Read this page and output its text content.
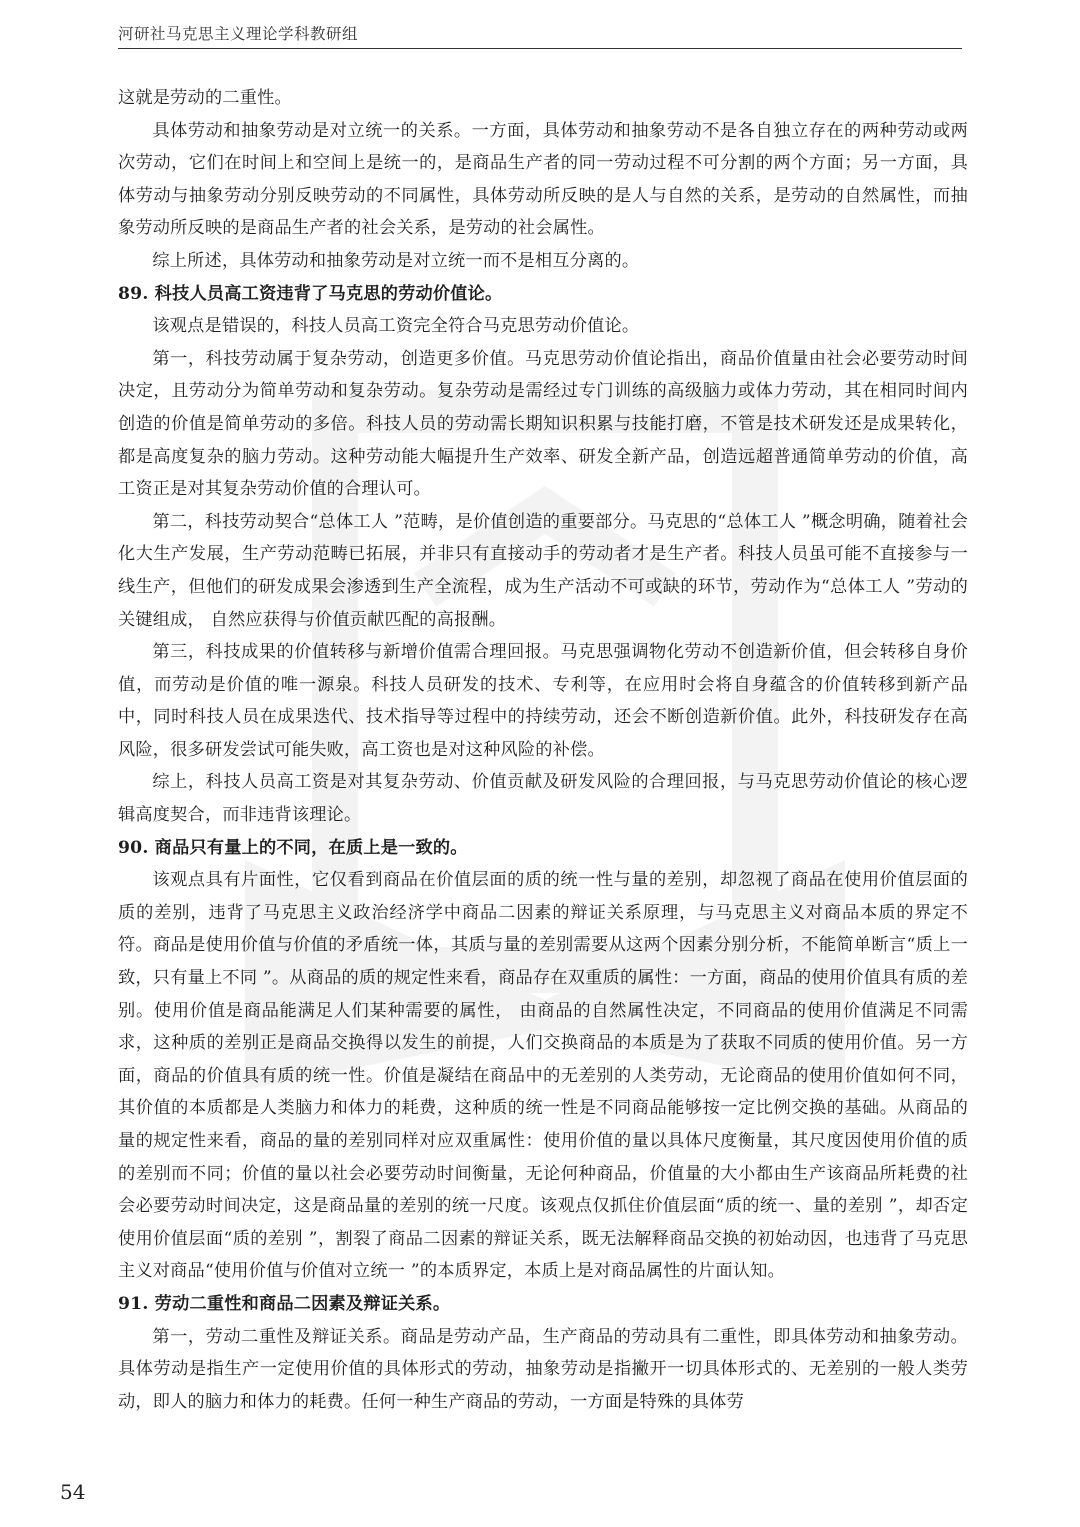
河研社马克思主义理论学科教研组

这就是劳动的二重性。

具体劳动和抽象劳动是对立统一的关系。一方面，具体劳动和抽象劳动不是各自独立存在的两种劳动或两次劳动，它们在时间上和空间上是统一的，是商品生产者的同一劳动过程不可分割的两个方面；另一方面，具体劳动与抽象劳动分别反映劳动的不同属性，具体劳动所反映的是人与自然的关系，是劳动的自然属性，而抽象劳动所反映的是商品生产者的社会关系，是劳动的社会属性。

综上所述，具体劳动和抽象劳动是对立统一而不是相互分离的。

89. 科技人员高工资违背了马克思的劳动价值论。

该观点是错误的，科技人员高工资完全符合马克思劳动价值论。

第一，科技劳动属于复杂劳动，创造更多价值。马克思劳动价值论指出，商品价值量由社会必要劳动时间决定，且劳动分为简单劳动和复杂劳动。复杂劳动是需经过专门训练的高级脑力或体力劳动，其在相同时间内创造的价值是简单劳动的多倍。科技人员的劳动需长期知识积累与技能打磨，不管是技术研发还是成果转化，都是高度复杂的脑力劳动。这种劳动能大幅提升生产效率、研发全新产品，创造远超普通简单劳动的价值，高工资正是对其复杂劳动价值的合理认可。

第二，科技劳动契合“总体工人 ”范畴，是价值创造的重要部分。马克思的“总体工人 ”概念明确，随着社会化大生产发展，生产劳动范畴已拓展，并非只有直接动手的劳动者才是生产者。科技人员虽可能不直接参与一线生产，但他们的研发成果会渗透到生产全流程，成为生产活动不可或缺的环节，劳动作为“总体工人 ”劳动的关键组成， 自然应获得与价值贡献匹配的高报酬。

第三，科技成果的价值转移与新增价值需合理回报。马克思强调物化劳动不创造新价值，但会转移自身价值，而劳动是价值的唯一源泉。科技人员研发的技术、专利等，在应用时会将自身蕴含的价值转移到新产品中，同时科技人员在成果迭代、技术指导等过程中的持续劳动，还会不断创造新价值。此外，科技研发存在高风险，很多研发尝试可能失败，高工资也是对这种风险的补偿。

综上，科技人员高工资是对其复杂劳动、价值贡献及研发风险的合理回报，与马克思劳动价值论的核心逻辑高度契合，而非违背该理论。

90. 商品只有量上的不同，在质上是一致的。

该观点具有片面性，它仅看到商品在价值层面的质的统一性与量的差别，却忽视了商品在使用价值层面的质的差别，违背了马克思主义政治经济学中商品二因素的辩证关系原理，与马克思主义对商品本质的界定不符。商品是使用价值与价值的矛盾统一体，其质与量的差别需要从这两个因素分别分析，不能简单断言“质上一致，只有量上不同 ”。从商品的质的规定性来看，商品存在双重质的属性：一方面，商品的使用价值具有质的差别。使用价值是商品能满足人们某种需要的属性， 由商品的自然属性决定，不同商品的使用价值满足不同需求，这种质的差别正是商品交换得以发生的前提，人们交换商品的本质是为了获取不同质的使用价值。另一方面，商品的价值具有质的统一性。价值是凝结在商品中的无差别的人类劳动，无论商品的使用价值如何不同，其价值的本质都是人类脑力和体力的耗费，这种质的统一性是不同商品能够按一定比例交换的基础。从商品的量的规定性来看，商品的量的差别同样对应双重属性：使用价值的量以具体尺度衡量，其尺度因使用价值的质的差别而不同；价值的量以社会必要劳动时间衡量，无论何种商品，价值量的大小都由生产该商品所耗费的社会必要劳动时间决定，这是商品量的差别的统一尺度。该观点仅抓住价值层面“质的统一、量的差别 ”，却否定使用价值层面“质的差别 ”，割裂了商品二因素的辩证关系，既无法解释商品交换的初始动因，也违背了马克思主义对商品“使用价值与价值对立统一 ”的本质界定，本质上是对商品属性的片面认知。

91. 劳动二重性和商品二因素及辩证关系。

第一，劳动二重性及辩证关系。商品是劳动产品，生产商品的劳动具有二重性，即具体劳动和抽象劳动。具体劳动是指生产一定使用价值的具体形式的劳动，抽象劳动是指撇开一切具体形式的、无差别的一般人类劳动，即人的脑力和体力的耗费。任何一种生产商品的劳动，一方面是特殊的具体劳

54
